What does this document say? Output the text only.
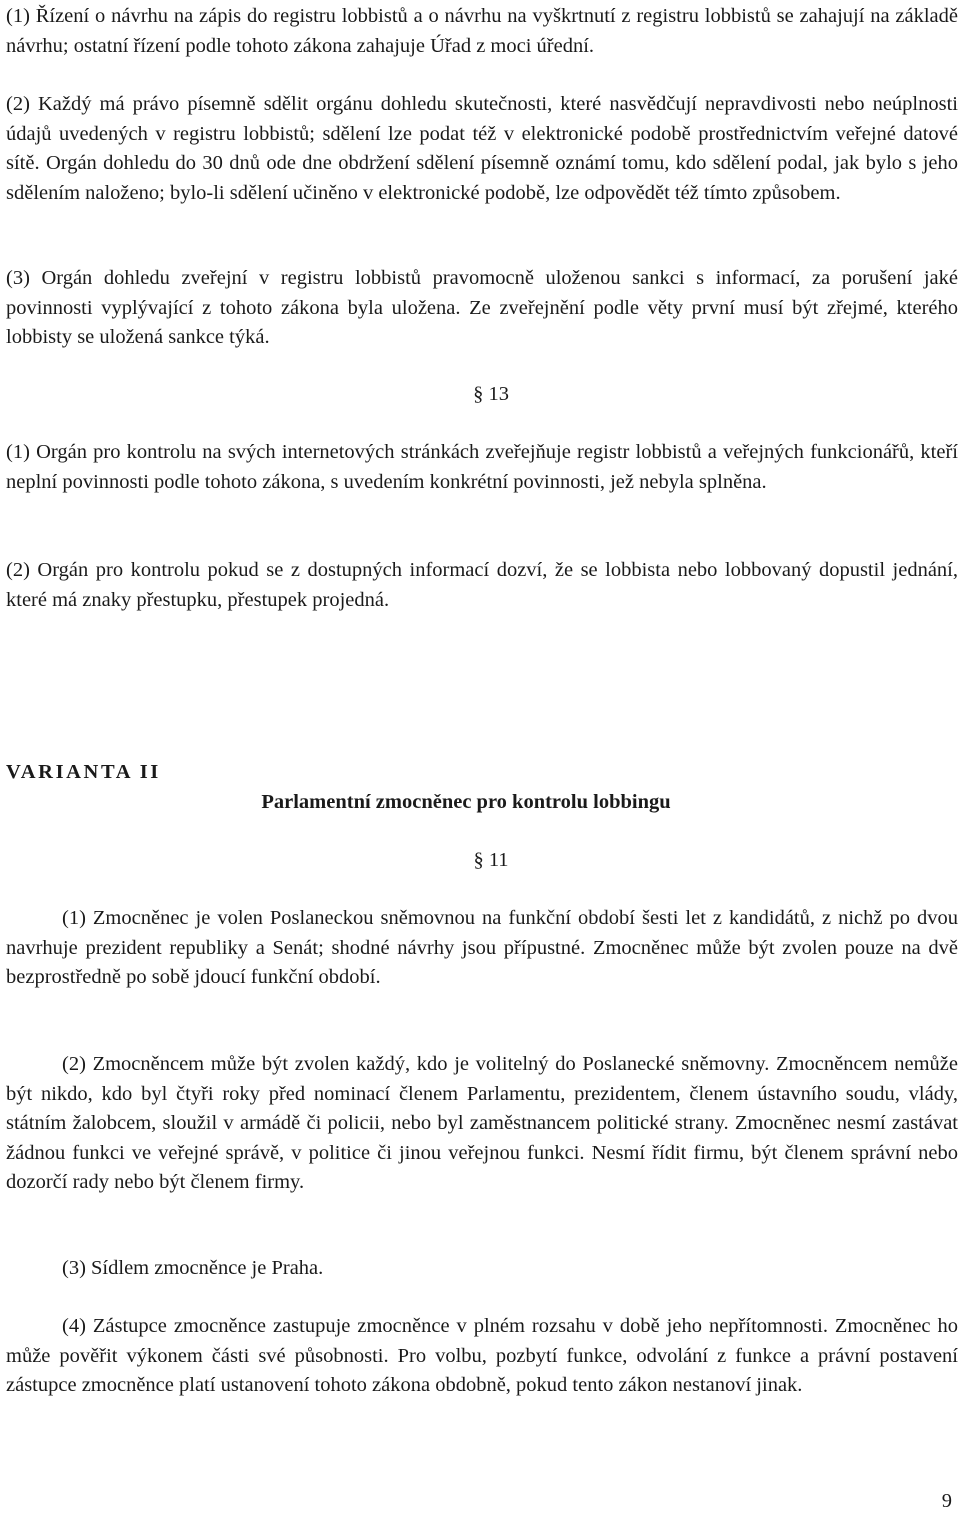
(1) Řízení o návrhu na zápis do registru lobbistů a o návrhu na vyškrtnutí z registru lobbistů se zahajují na základě návrhu; ostatní řízení podle tohoto zákona zahajuje Úřad z moci úřední.

(2) Každý má právo písemně sdělit orgánu dohledu skutečnosti, které nasvědčují nepravdivosti nebo neúplnosti údajů uvedených v registru lobbistů; sdělení lze podat též v elektronické podobě prostřednictvím veřejné datové sítě. Orgán dohledu do 30 dnů ode dne obdržení sdělení písemně oznámí tomu, kdo sdělení podal, jak bylo s jeho sdělením naloženo; bylo-li sdělení učiněno v elektronické podobě, lze odpovědět též tímto způsobem.

(3) Orgán dohledu zveřejní v registru lobbistů pravomocně uloženou sankci s informací, za porušení jaké povinnosti vyplývající z tohoto zákona byla uložena. Ze zveřejnění podle věty první musí být zřejmé, kterého lobbisty se uložená sankce týká.

§ 13

(1) Orgán pro kontrolu na svých internetových stránkách zveřejňuje registr lobbistů a veřejných funkcionářů, kteří neplní povinnosti podle tohoto zákona, s uvedením konkrétní povinnosti, jež nebyla splněna.

(2) Orgán pro kontrolu pokud se z dostupných informací dozví, že se lobbista nebo lobbovaný dopustil jednání, které má znaky přestupku, přestupek projedná.

VARIANTA II

Parlamentní zmocněnec pro kontrolu lobbingu

§ 11

(1) Zmocněnec je volen Poslaneckou sněmovnou na funkční období šesti let z kandidátů, z nichž po dvou navrhuje prezident republiky a Senát; shodné návrhy jsou přípustné. Zmocněnec může být zvolen pouze na dvě bezprostředně po sobě jdoucí funkční období.

(2) Zmocněncem může být zvolen každý, kdo je volitelný do Poslanecké sněmovny. Zmocněncem nemůže být nikdo, kdo byl čtyři roky před nominací členem Parlamentu, prezidentem, členem ústavního soudu, vlády, státním žalobcem, sloužil v armádě či policii, nebo byl zaměstnancem politické strany. Zmocněnec nesmí zastávat žádnou funkci ve veřejné správě, v politice či jinou veřejnou funkci. Nesmí řídit firmu, být členem správní nebo dozorčí rady nebo být členem firmy.

(3) Sídlem zmocněnce je Praha.

(4) Zástupce zmocněnce zastupuje zmocněnce v plném rozsahu v době jeho nepřítomnosti. Zmocněnec ho může pověřit výkonem části své působnosti. Pro volbu, pozbytí funkce, odvolání z funkce a právní postavení zástupce zmocněnce platí ustanovení tohoto zákona obdobně, pokud tento zákon nestanoví jinak.

9
